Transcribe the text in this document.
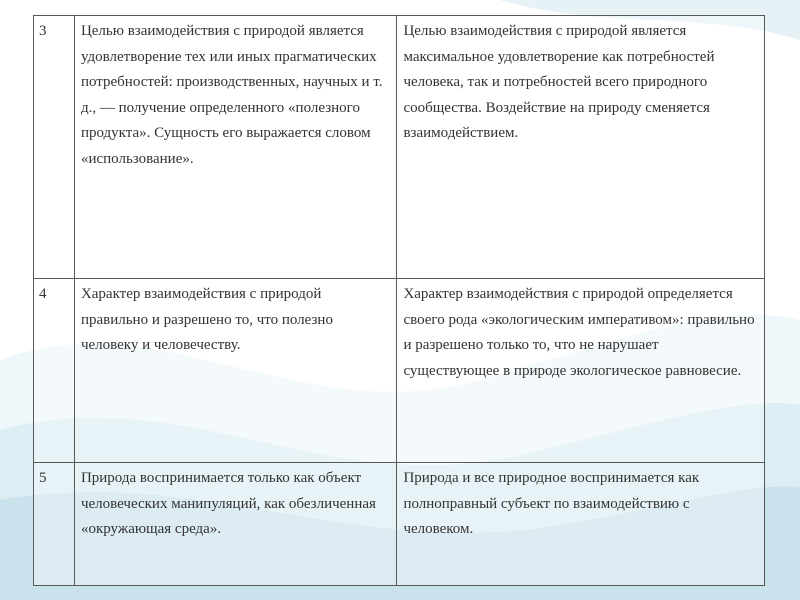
3	Целью взаимодействия с природой является удовлетворение тех или иных прагматических потребностей: производственных, научных и т. д., — получение определенного «полезного продукта». Сущность его выражается словом «использование».	Целью взаимодействия с природой является максимальное удовлетворение как потребностей человека, так и потребностей всего природного сообщества. Воздействие на природу сменяется взаимодействием.

4	Характер взаимодействия с природой правильно и разрешено то, что полезно человеку и человечеству.	Характер взаимодействия с природой определяется своего рода «экологическим императивом»: правильно и разрешено только то, что не нарушает существующее в природе экологическое равновесие.

5	Природа воспринимается только как объект человеческих манипуляций, как обезличенная «окружающая среда».	Природа и все природное воспринимается как полноправный субъект по взаимодействию с человеком.
